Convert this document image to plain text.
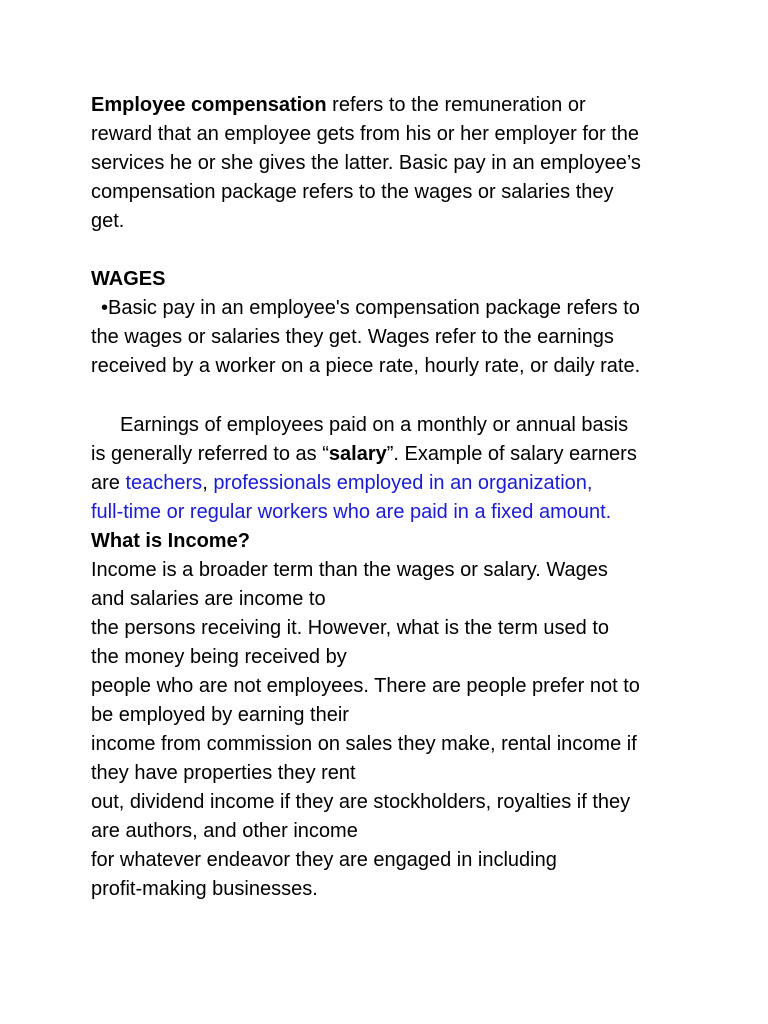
Employee compensation refers to the remuneration or
reward that an employee gets from his or her employer for the
services he or she gives the latter. Basic pay in an employee’s
compensation package refers to the wages or salaries they
get.
WAGES
•Basic pay in an employee's compensation package refers to
the wages or salaries they get. Wages refer to the earnings
received by a worker on a piece rate, hourly rate, or daily rate.
Earnings of employees paid on a monthly or annual basis
is generally referred to as “salary”. Example of salary earners
are teachers, professionals employed in an organization,
full-time or regular workers who are paid in a fixed amount.
What is Income?
Income is a broader term than the wages or salary. Wages
and salaries are income to
the persons receiving it. However, what is the term used to
the money being received by
people who are not employees. There are people prefer not to
be employed by earning their
income from commission on sales they make, rental income if
they have properties they rent
out, dividend income if they are stockholders, royalties if they
are authors, and other income
for whatever endeavor they are engaged in including
profit-making businesses.
